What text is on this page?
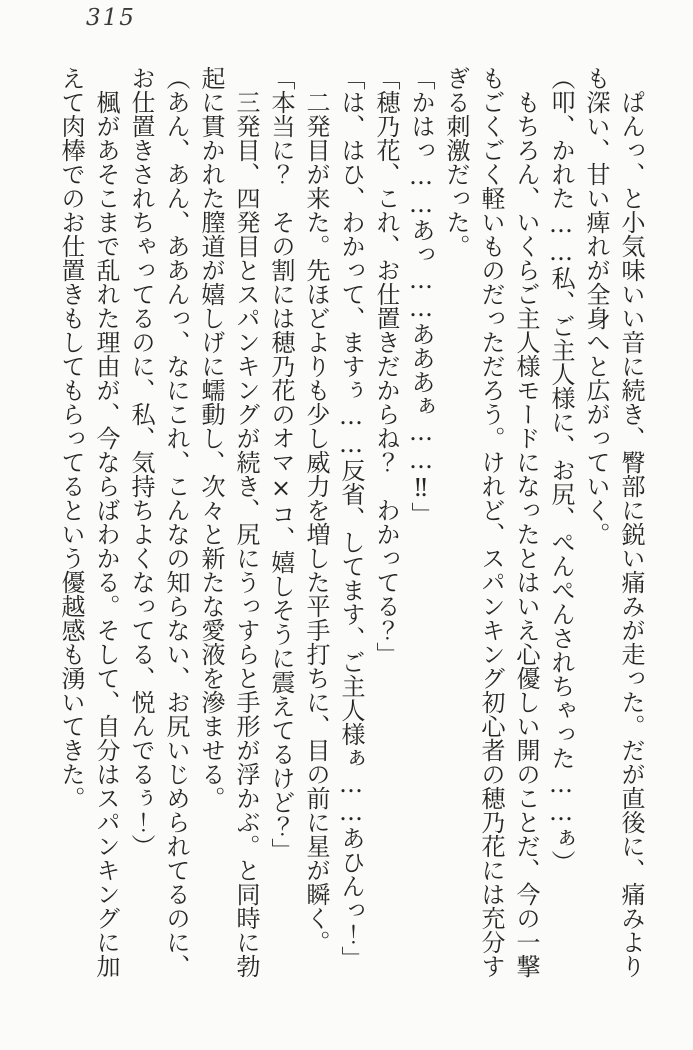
315

ぱんっ、と小気味いい音に続き、臀部に鋭い痛みが走った。だが直後に、痛みよりも深い、甘い痺れが全身へと広がっていく。

（叩、かれた……私、ご主人様に、お尻、ぺんぺんされちゃった……ぁ）

もちろん、いくらご主人様モードになったとはいえ心優しい開のことだ、今の一撃もごくごく軽いものだっただろう。けれど、スパンキング初心者の穂乃花には充分すぎる刺激だった。

「かはっ……あっ……あああぁ……‼」

「穂乃花、これ、お仕置きだからね？　わかってる？」

「は、はひ、わかって、ますぅ……反省、してます、ご主人様ぁ……あひんっ！」

二発目が来た。先ほどよりも少し威力を増した平手打ちに、目の前に星が瞬く。

「本当に？　その割には穂乃花のオマ×コ、嬉しそうに震えてるけど？」

三発目、四発目とスパンキングが続き、尻にうっすらと手形が浮かぶ。と同時に勃起に貫かれた膣道が嬉しげに蠕動し、次々と新たな愛液を滲ませる。

（あん、あん、ああんっ、なにこれ、こんなの知らない、お尻いじめられてるのに、お仕置きされちゃってるのに、私、気持ちよくなってる、悦んでるぅ！）

楓があそこまで乱れた理由が、今ならばわかる。そして、自分はスパンキングに加えて肉棒でのお仕置きもしてもらってるという優越感も湧いてきた。
